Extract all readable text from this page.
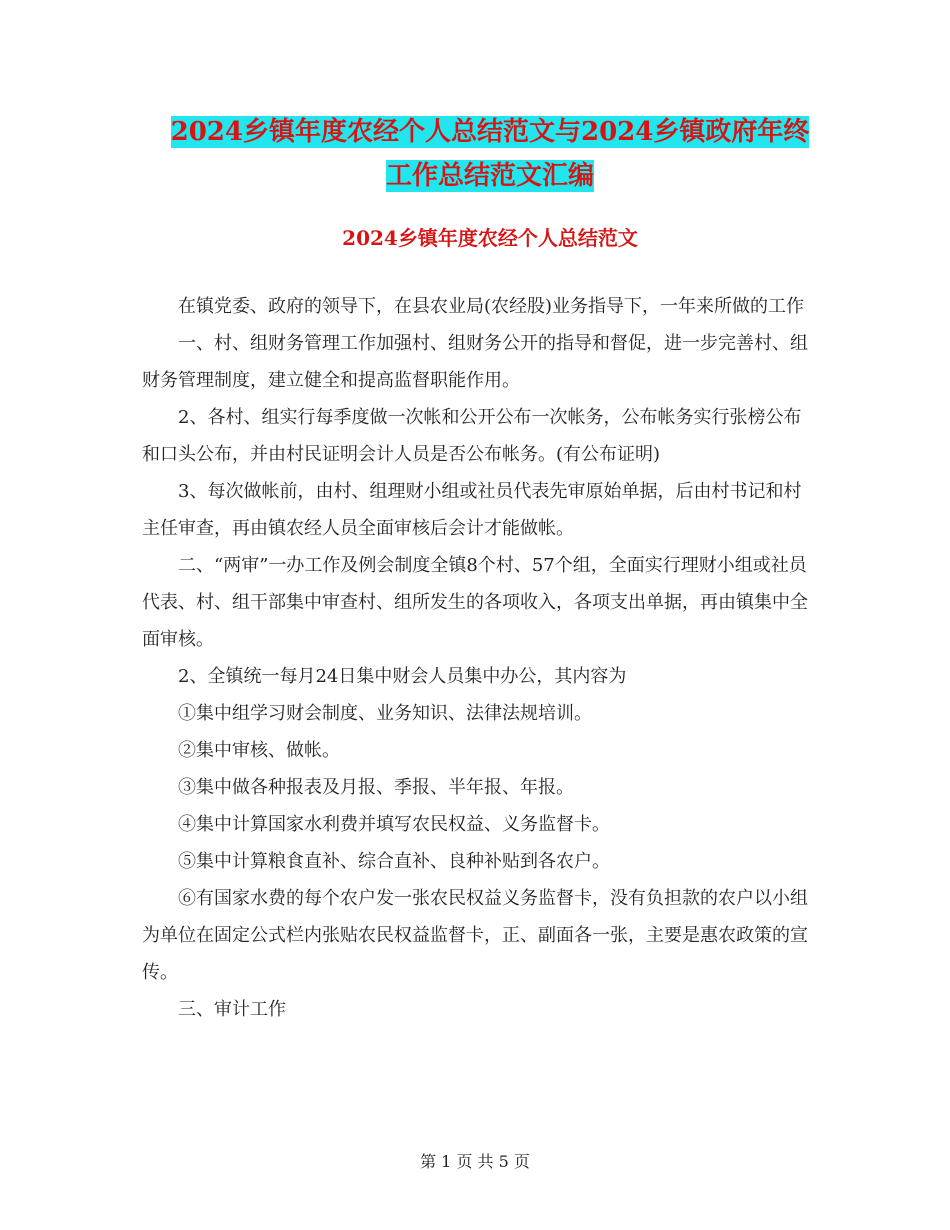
2024乡镇年度农经个人总结范文与2024乡镇政府年终
工作总结范文汇编
2024乡镇年度农经个人总结范文

在镇党委、政府的领导下，在县农业局(农经股)业务指导下，一年来所做的工作

一、村、组财务管理工作加强村、组财务公开的指导和督促，进一步完善村、组财务管理制度，建立健全和提高监督职能作用。

2、各村、组实行每季度做一次帐和公开公布一次帐务，公布帐务实行张榜公布和口头公布，并由村民证明会计人员是否公布帐务。(有公布证明)

3、每次做帐前，由村、组理财小组或社员代表先审原始单据，后由村书记和村主任审查，再由镇农经人员全面审核后会计才能做帐。

二、“两审”一办工作及例会制度全镇8个村、57个组，全面实行理财小组或社员代表、村、组干部集中审查村、组所发生的各项收入，各项支出单据，再由镇集中全面审核。

2、全镇统一每月24日集中财会人员集中办公，其内容为

①集中组学习财会制度、业务知识、法律法规培训。

②集中审核、做帐。

③集中做各种报表及月报、季报、半年报、年报。

④集中计算国家水利费并填写农民权益、义务监督卡。

⑤集中计算粮食直补、综合直补、良种补贴到各农户。

⑥有国家水费的每个农户发一张农民权益义务监督卡，没有负担款的农户以小组为单位在固定公式栏内张贴农民权益监督卡，正、副面各一张，主要是惠农政策的宣传。

三、审计工作

第 1 页 共 5 页
